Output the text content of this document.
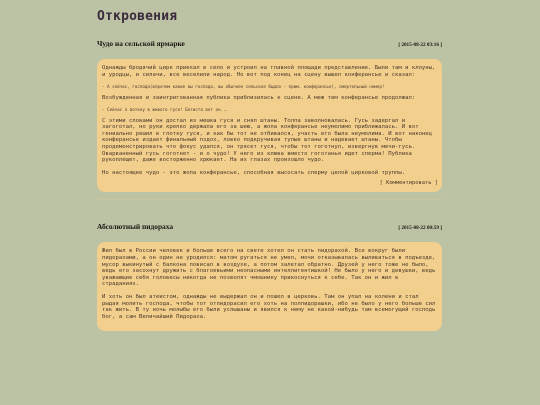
Откровения
Чудо на сельской ярмарке	[ 2015-08-22 03:16 ]

Однажды бродячий цирк приехал в село и устроил на главной площади представление. Были там и клоуны, и уродцы, и силачи, все веселили народ. Но вот под конец на сцену вышел конферансье и сказал:

- А сейчас, господа(впрочем какие вы господа, вы обычное сельское быдло - прим. конферансье), смертельный номер!

Возбужденная и заинтригованная публика приблизилась к сцене. А меж тем конферансье продолжал:

- Сейчас я воткну в живого гуся! Ботиста вот он...

С этими словами он достал из мешка гуся и снял штаны. Толпа заволновалась. Гусь задергал и загоготал, но руки крепко держала его за шею, а жопа конферансье неумолимо приближалась. И вот гениально решил в глотку гуся, и как бы тот не отбивался, участь его была неумолима. И вот наконец конферансье издает финальный пздох, ловко подкручивая тупые штаны и надевает штаны. Чтобы продемонстрировать что фокус удался, он трясет гуся, чтобы тот гоготнул, извергнув мечи-гусь. Оварваненный гусь гоготнет - и о чудо! У него из клюва вместо гоготанья идет сперма! Публика рукоплещет, даже восторженно хрюкает. На их глазах произошло чудо.

Но настоящее чудо - это жопа конферансье, способная высосать сперму целой цирковой труппы.

[ Комментировать ]
Абсолютный пидораха	[ 2015-08-22 00:59 ]

Жил был в России человек и больше всего на свете хотел он стать пидорахой. Все вокруг были пидорахами, а он один не уродился: матом ругаться не умел, мочи отказывалась выливаться в подъезде, мусор выкинутый с балкона повисал в воздухе, а потом залетал обратно. Друзей у него тоже не было, ведь его засохнут дружить с благоевьими неопасными интеллигентишкой! Не было у него и девушки, ведь уважающие себя головесы никогда не позволят чмошнику прикоснуться к себе. Так он и жил в страданиях.

И хоть он был атеистом, однажды не выдержал он и пошел в церковь. Там он упал на колени и стал рыдая молить господа, чтобы тот отпидорасил его хоть на полпидорашки, ибо не было у него больше сил так жить. В ту ночь молыбы его были услышаны и явился к нему не какой-нибудь там всемогущий господь бог, а сам Величайший Пидораха.
